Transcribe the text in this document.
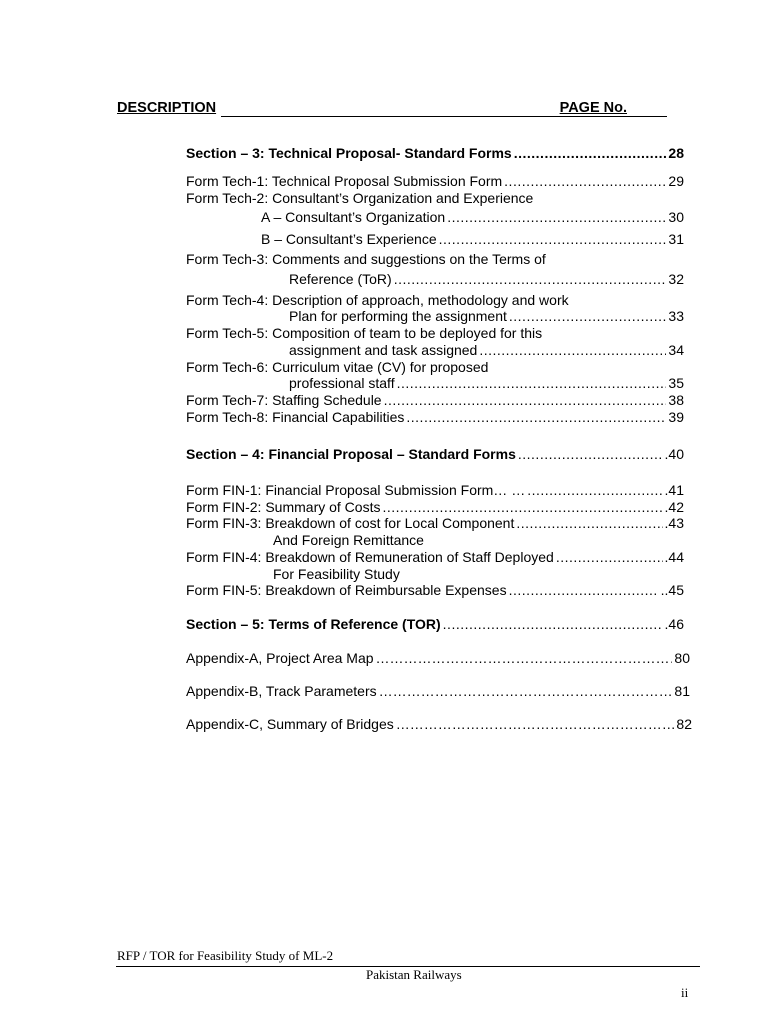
DESCRIPTION	PAGE No.
Section – 3: Technical Proposal- Standard Forms .....	28
Form Tech-1: Technical Proposal Submission Form .....	29
Form Tech-2: Consultant’s Organization and Experience
A – Consultant’s Organization .....	30
B – Consultant’s Experience .....	31
Form Tech-3: Comments and suggestions on the Terms of
Reference (ToR) .....	32
Form Tech-4: Description of approach, methodology and work
Plan for performing the assignment .....	33
Form Tech-5: Composition of team to be deployed for this
assignment and task assigned .....	34
Form Tech-6: Curriculum vitae (CV) for proposed
professional staff .....	35
Form Tech-7: Staffing Schedule .....	38
Form Tech-8: Financial Capabilities .....	39
Section – 4: Financial Proposal – Standard Forms .....	.40
Form FIN-1: Financial Proposal Submission Form… … .....	.41
Form FIN-2: Summary of Costs .....	.42
Form FIN-3: Breakdown of cost for Local Component .....	.43
And Foreign Remittance
Form FIN-4: Breakdown of Remuneration of Staff Deployed .....	.44
For Feasibility Study
Form FIN-5: Breakdown of Reimbursable Expenses .....	..45
Section – 5: Terms of Reference (TOR) .....	.46
Appendix-A, Project Area Map ………………………………………………………………………………	80
Appendix-B, Track Parameters ………………………………………………………………………………	81
Appendix-C, Summary of Bridges ………………………………………………………………………………	82
RFP / TOR for Feasibility Study of ML-2
Pakistan Railways
ii
